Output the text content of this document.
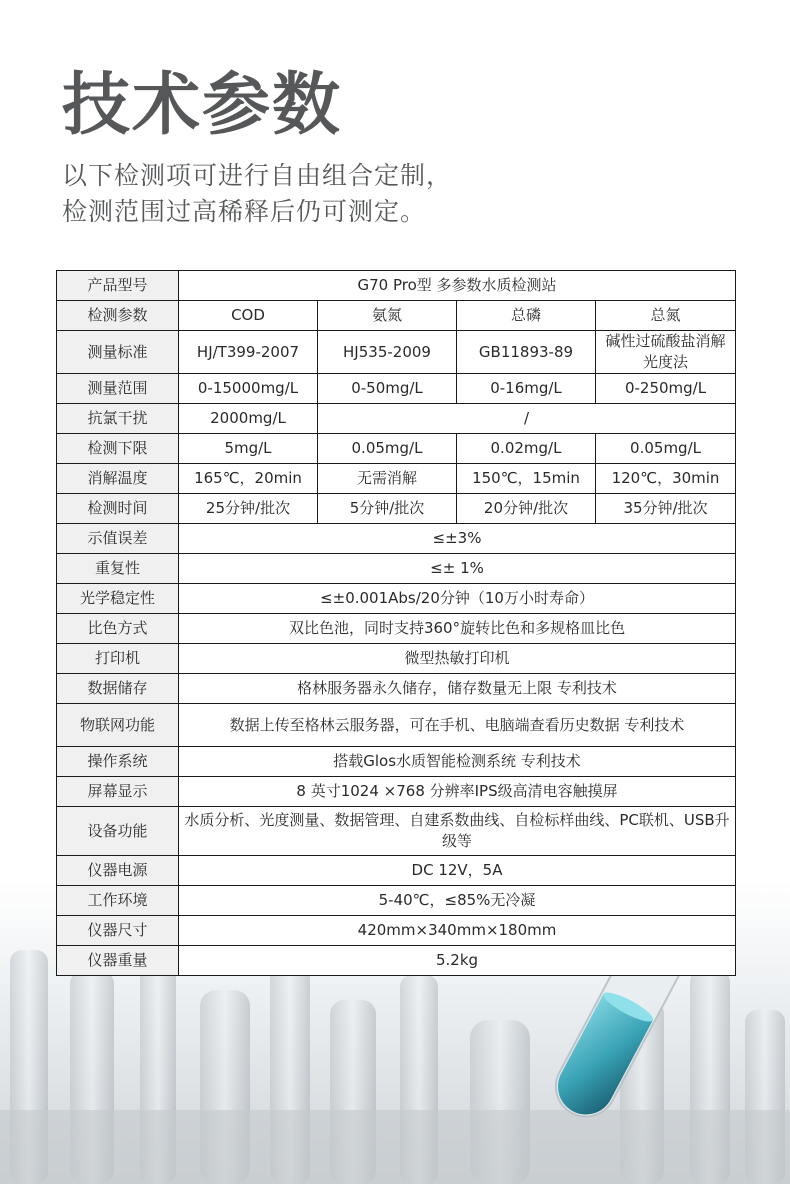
技术参数
以下检测项可进行自由组合定制，
检测范围过高稀释后仍可测定。
产品型号	G70 Pro型 多参数水质检测站			
检测参数	COD	氨氮	总磷	总氮
测量标准	HJ/T399-2007	HJ535-2009	GB11893-89	碱性过硫酸盐消解光度法
测量范围	0-15000mg/L	0-50mg/L	0-16mg/L	0-250mg/L
抗氯干扰	2000mg/L	/		
检测下限	5mg/L	0.05mg/L	0.02mg/L	0.05mg/L
消解温度	165℃，20min	无需消解	150℃，15min	120℃，30min
检测时间	25分钟/批次	5分钟/批次	20分钟/批次	35分钟/批次
示值误差	≤±3%			
重复性	≤± 1%			
光学稳定性	≤±0.001Abs/20分钟（10万小时寿命）			
比色方式	双比色池，同时支持360°旋转比色和多规格皿比色			
打印机	微型热敏打印机			
数据储存	格林服务器永久储存，储存数量无上限 专利技术			
物联网功能	数据上传至格林云服务器，可在手机、电脑端查看历史数据 专利技术			
操作系统	搭载Glos水质智能检测系统 专利技术			
屏幕显示	8 英寸1024 ×768 分辨率IPS级高清电容触摸屏			
设备功能	水质分析、光度测量、数据管理、自建系数曲线、自检标样曲线、PC联机、USB升级等			
仪器电源	DC 12V，5A			
工作环境	5-40℃，≤85%无冷凝			
仪器尺寸	420mm×340mm×180mm			
仪器重量	5.2kg			
